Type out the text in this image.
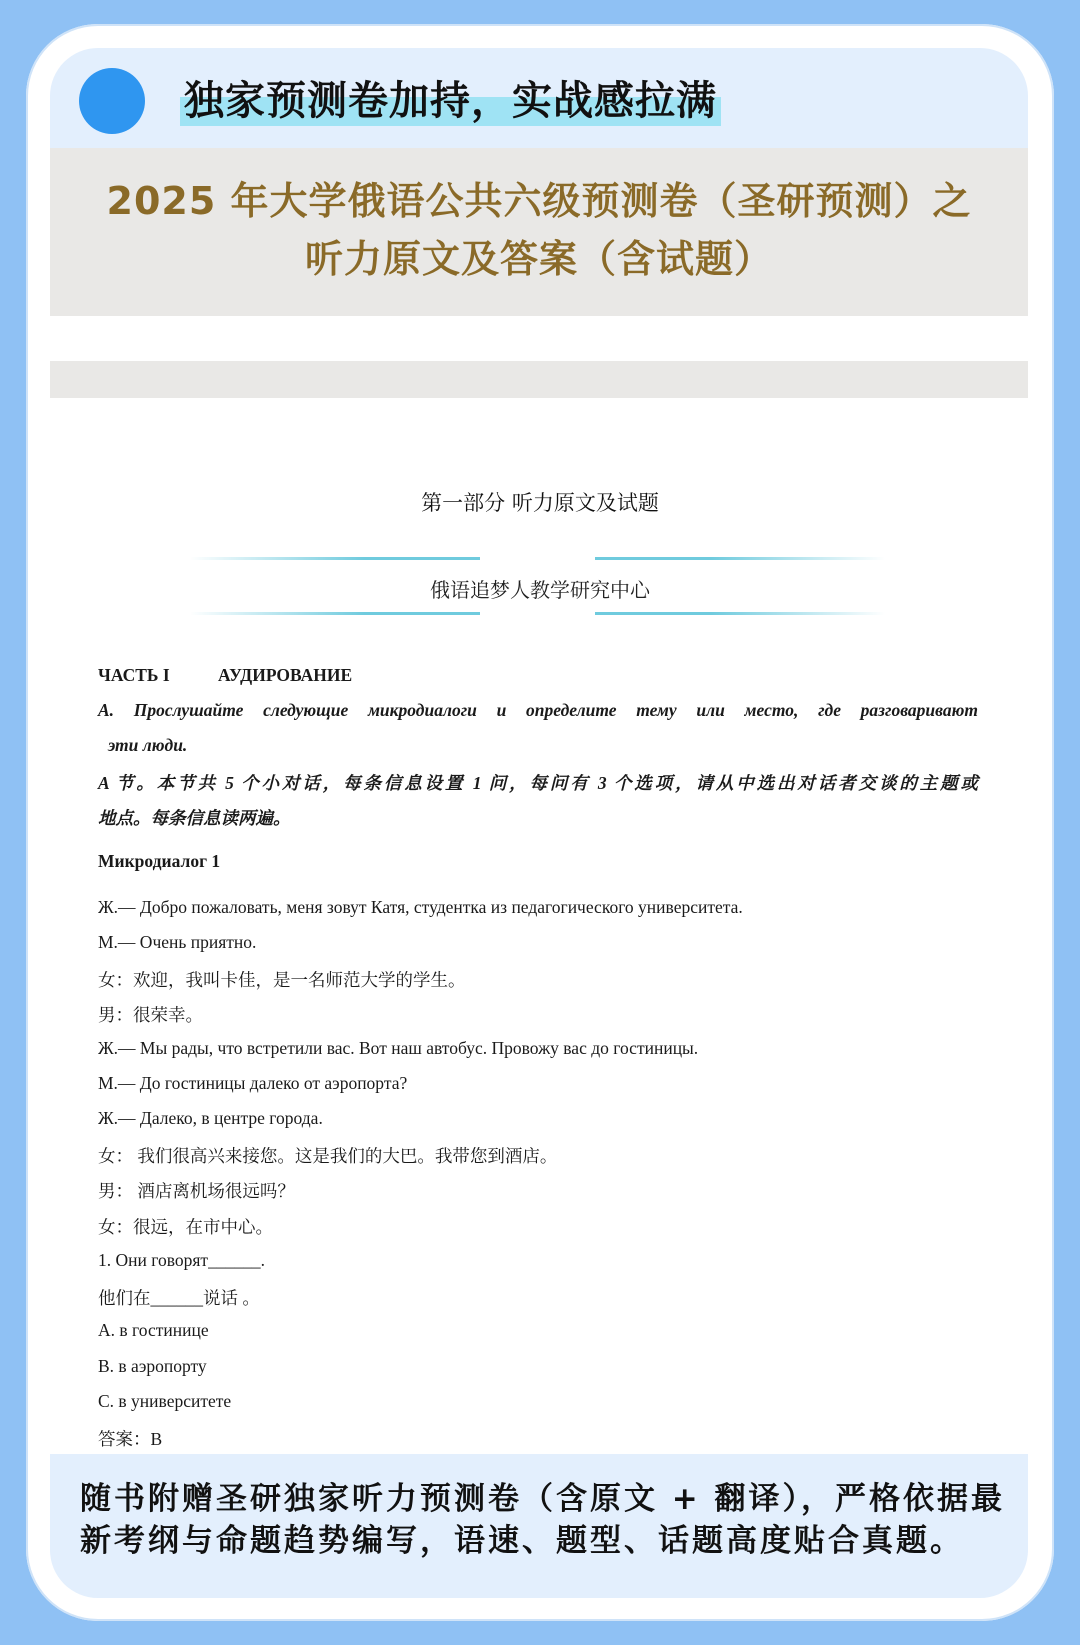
独家预测卷加持，实战感拉满
2025 年大学俄语公共六级预测卷（圣研预测）之
听力原文及答案（含试题）
第一部分 听力原文及试题
俄语追梦人教学研究中心
ЧАСТЬ I	АУДИРОВАНИЕ
А. Прослушайте следующие микродиалоги и определите тему или место, где разговаривают
эти люди.
A 节。本节共 5 个小对话，每条信息设置 1 问，每问有 3 个选项，请从中选出对话者交谈的主题或
地点。每条信息读两遍。
Микродиалог 1
Ж.— Добро пожаловать, меня зовут Катя, студентка из педагогического университета.
М.— Очень приятно.
女：欢迎，我叫卡佳，是一名师范大学的学生。
男：很荣幸。
Ж.— Мы рады, что встретили вас. Вот наш автобус. Провожу вас до гостиницы.
М.— До гостиницы далеко от аэропорта?
Ж.— Далеко, в центре города.
女： 我们很高兴来接您。这是我们的大巴。我带您到酒店。
男： 酒店离机场很远吗？
女：很远，在市中心。
1. Они говорят______.
他们在______说话 。
А. в гостинице
В. в аэропорту
С. в университете
答案：В
随书附赠圣研独家听力预测卷（含原文 + 翻译），严格依据最
新考纲与命题趋势编写，语速、题型、话题高度贴合真题。
